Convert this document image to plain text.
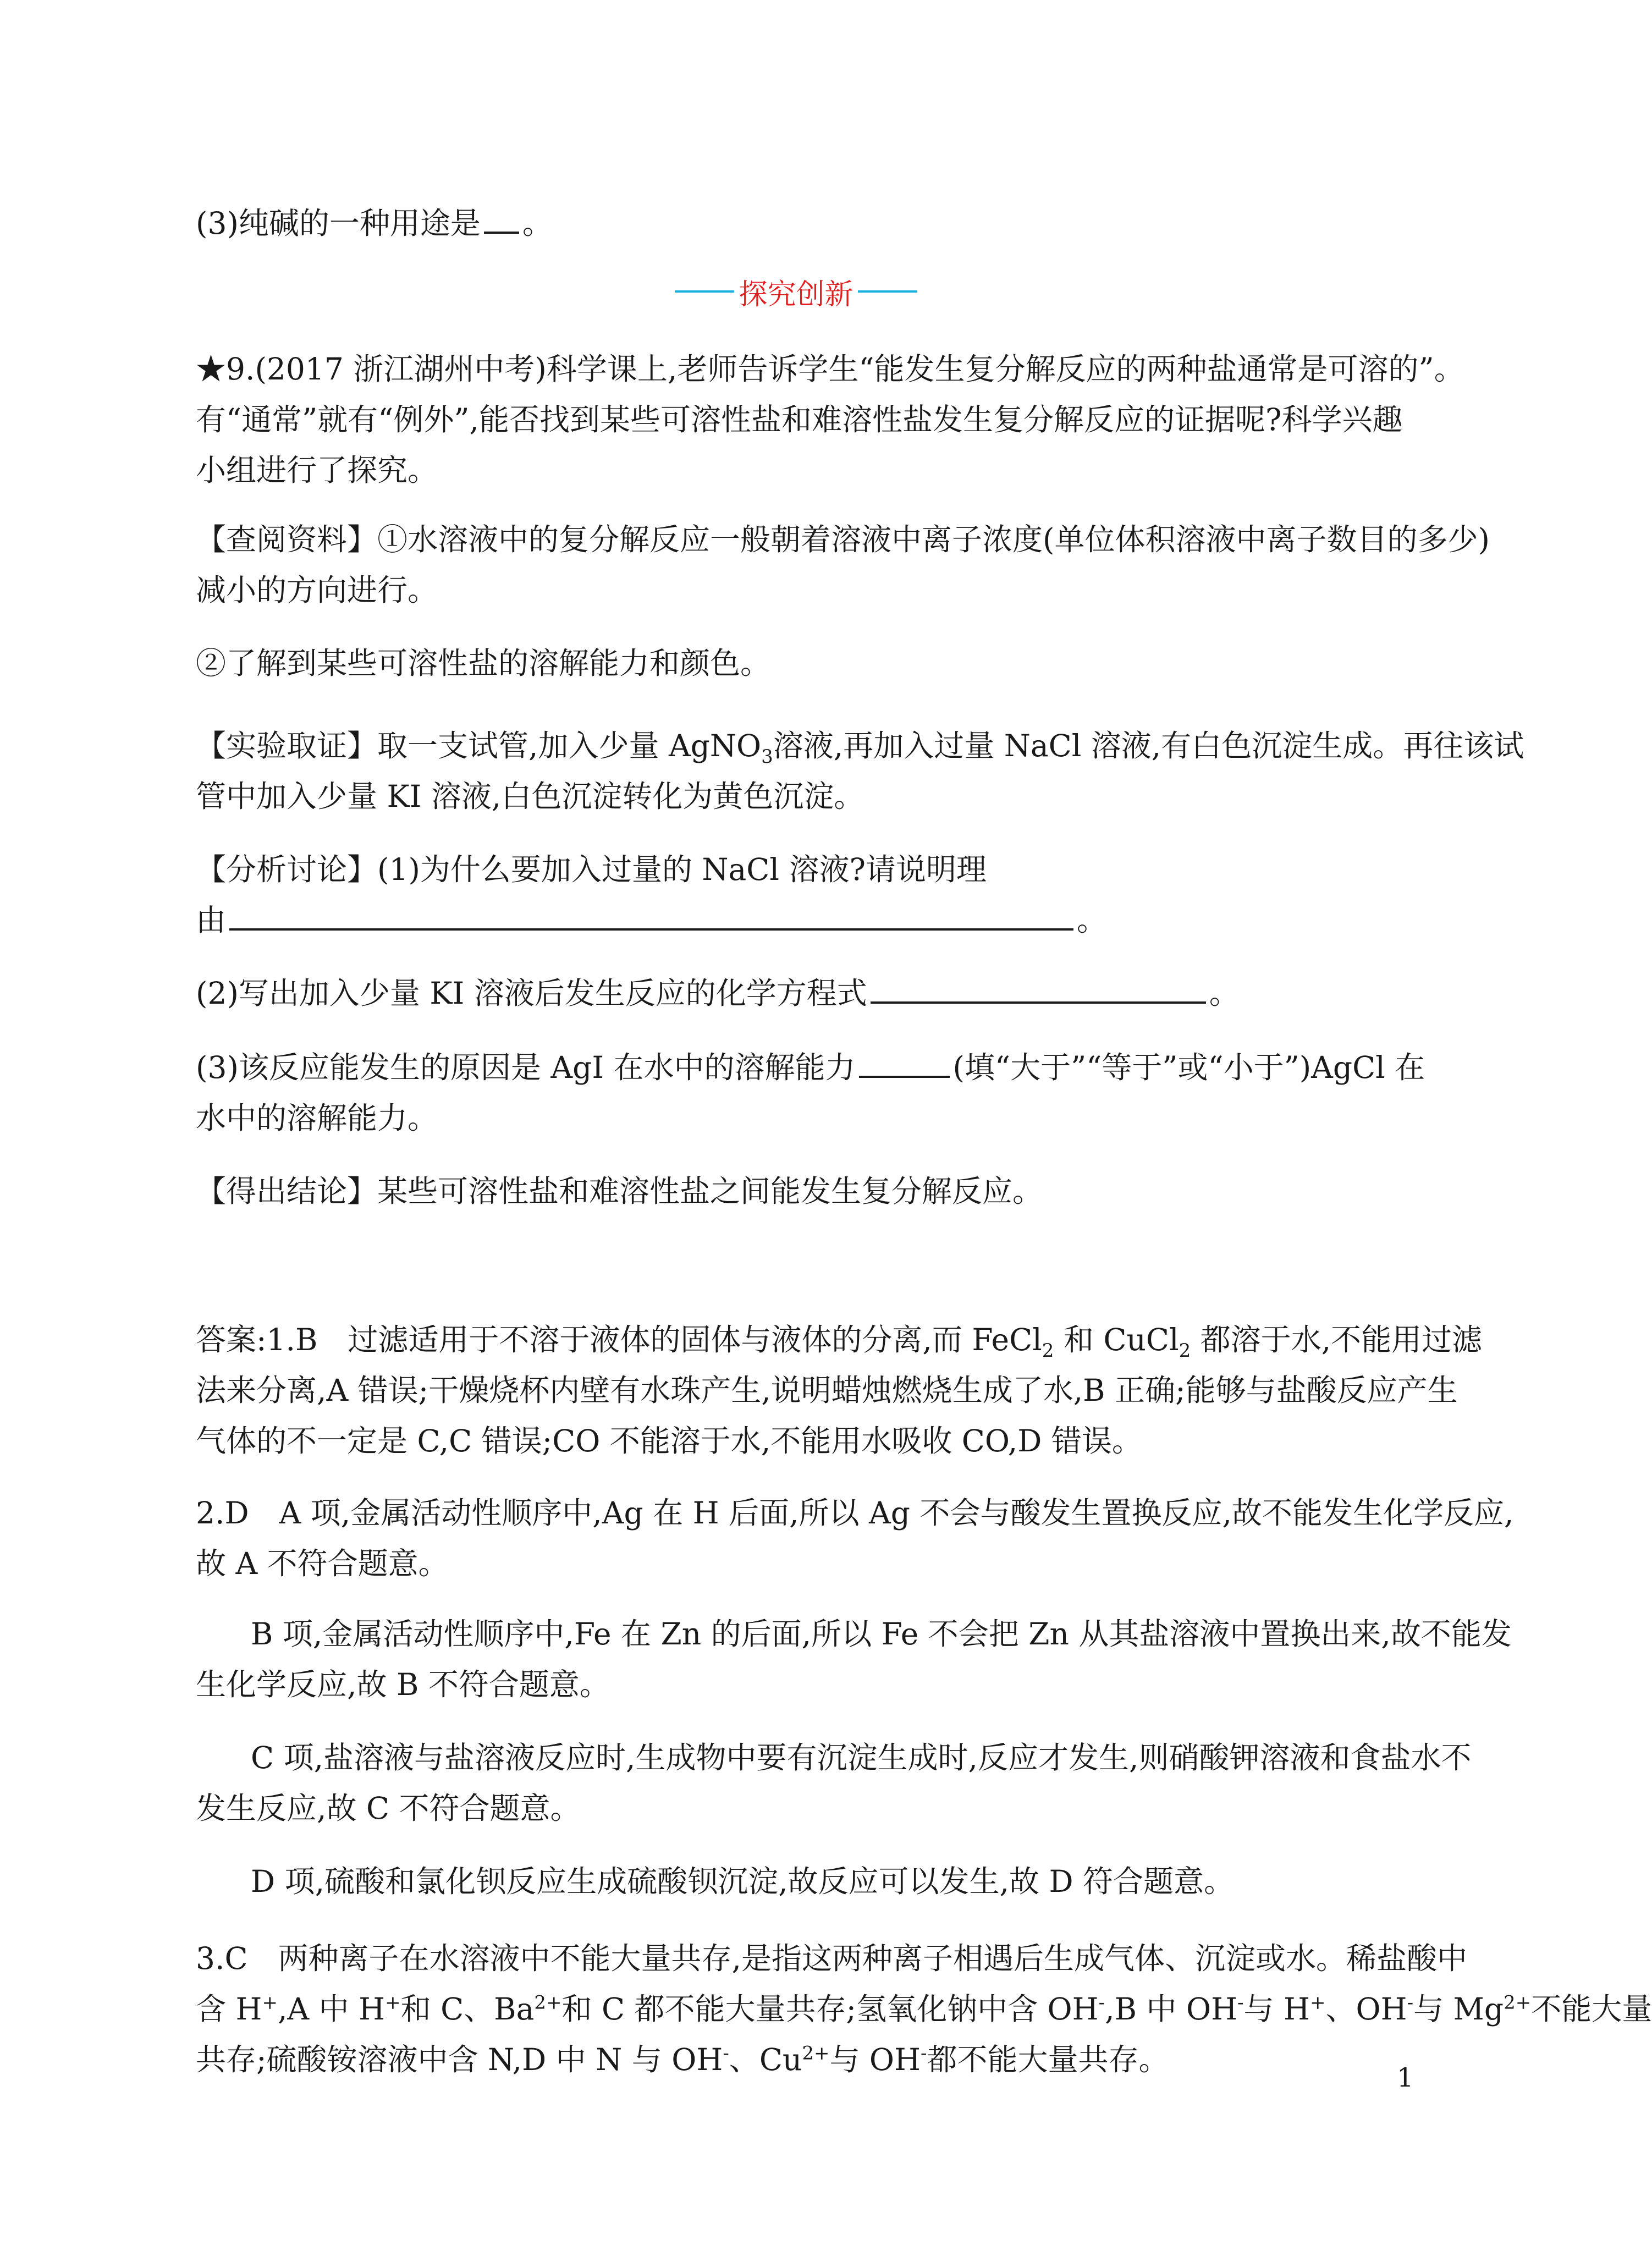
(3)纯碱的一种用途是 。
探究创新
★9.(2017 浙江湖州中考)科学课上,老师告诉学生“能发生复分解反应的两种盐通常是可溶的”。
有“通常”就有“例外”,能否找到某些可溶性盐和难溶性盐发生复分解反应的证据呢?科学兴趣
小组进行了探究。
【查阅资料】①水溶液中的复分解反应一般朝着溶液中离子浓度(单位体积溶液中离子数目的多少)
减小的方向进行。
②了解到某些可溶性盐的溶解能力和颜色。
【实验取证】取一支试管,加入少量 AgNO$_3$溶液,再加入过量 NaCl 溶液,有白色沉淀生成。再往该试
管中加入少量 KI 溶液,白色沉淀转化为黄色沉淀。
【分析讨论】(1)为什么要加入过量的 NaCl 溶液?请说明理
由	。
(2)写出加入少量 KI 溶液后发生反应的化学方程式	。
(3)该反应能发生的原因是 AgI 在水中的溶解能力	(填“大于”“等于”或“小于”)AgCl 在
水中的溶解能力。
【得出结论】某些可溶性盐和难溶性盐之间能发生复分解反应。
答案:1.B　过滤适用于不溶于液体的固体与液体的分离,而 FeCl$_2$ 和 CuCl$_2$ 都溶于水,不能用过滤
法来分离,A 错误;干燥烧杯内壁有水珠产生,说明蜡烛燃烧生成了水,B 正确;能够与盐酸反应产生
气体的不一定是 C,C 错误;CO 不能溶于水,不能用水吸收 CO,D 错误。
2.D　A 项,金属活动性顺序中,Ag 在 H 后面,所以 Ag 不会与酸发生置换反应,故不能发生化学反应,
故 A 不符合题意。
B 项,金属活动性顺序中,Fe 在 Zn 的后面,所以 Fe 不会把 Zn 从其盐溶液中置换出来,故不能发
生化学反应,故 B 不符合题意。
C 项,盐溶液与盐溶液反应时,生成物中要有沉淀生成时,反应才发生,则硝酸钾溶液和食盐水不
发生反应,故 C 不符合题意。
D 项,硫酸和氯化钡反应生成硫酸钡沉淀,故反应可以发生,故 D 符合题意。
3.C　两种离子在水溶液中不能大量共存,是指这两种离子相遇后生成气体、沉淀或水。稀盐酸中
含 H+,A 中 H+和 C、$Ba^{2+}$和 C 都不能大量共存;氢氧化钠中含 OH-,B 中 OH-与 H+、OH-与 $Mg^{2+}$不能大量
共存;硫酸铵溶液中含 N,D 中 N 与 OH-、$Cu^{2+}$与 OH-都不能大量共存。
1
